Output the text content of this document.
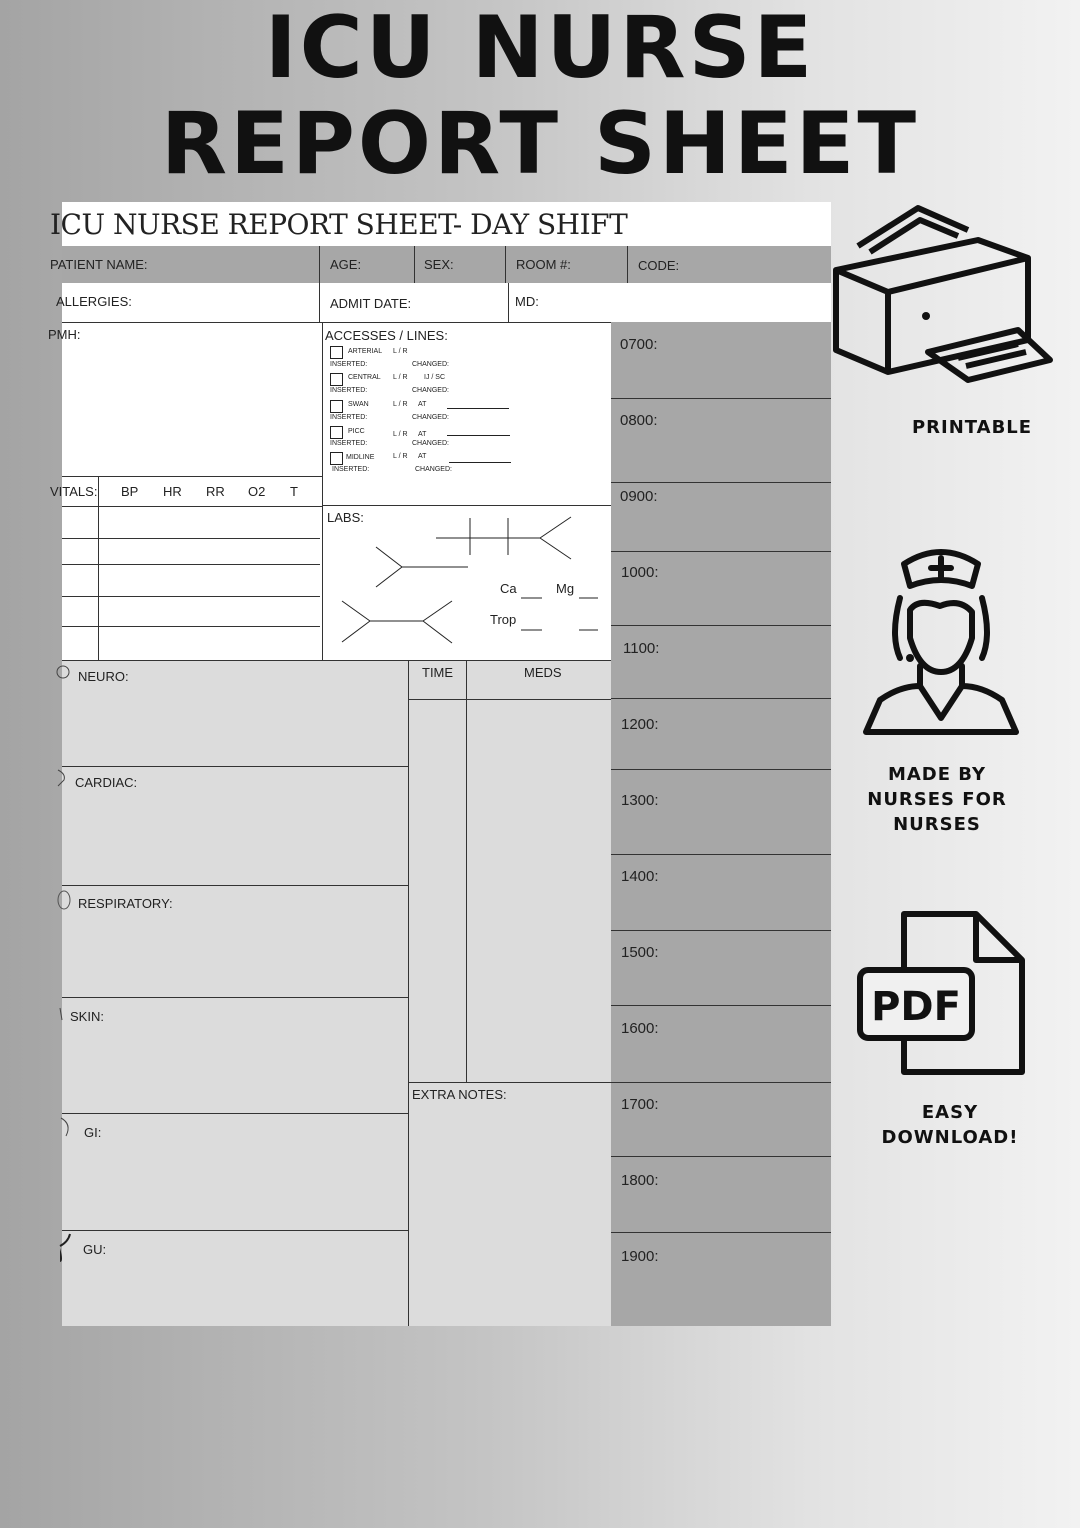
ICU NURSE
REPORT SHEET
ICU NURSE REPORT SHEET- DAY SHIFT
PATIENT NAME:	AGE:	SEX:	ROOM #:	CODE:
ALLERGIES:	ADMIT DATE:	MD:
PMH:
VITALS: BP HR RR O2 T
ACCESSES / LINES:
ARTERIAL L / R
INSERTED:	CHANGED:
CENTRAL L / R IJ / SC
INSERTED:	CHANGED:
SWAN	L / R AT
INSERTED:	CHANGED:
PICC	L / R AT
INSERTED:	CHANGED:
MIDLINE	L / R AT
INSERTED:	CHANGED:
LABS:
Ca	Mg
Trop
TIME	MEDS
EXTRA NOTES:
NEURO:
CARDIAC:
RESPIRATORY:
SKIN:
GI:
GU:
0700:
0800:
0900:
1000:
1100:
1200:
1300:
1400:
1500:
1600:
1700:
1800:
1900:
PRINTABLE
MADE BY NURSES FOR NURSES
PDF
EASY DOWNLOAD!
